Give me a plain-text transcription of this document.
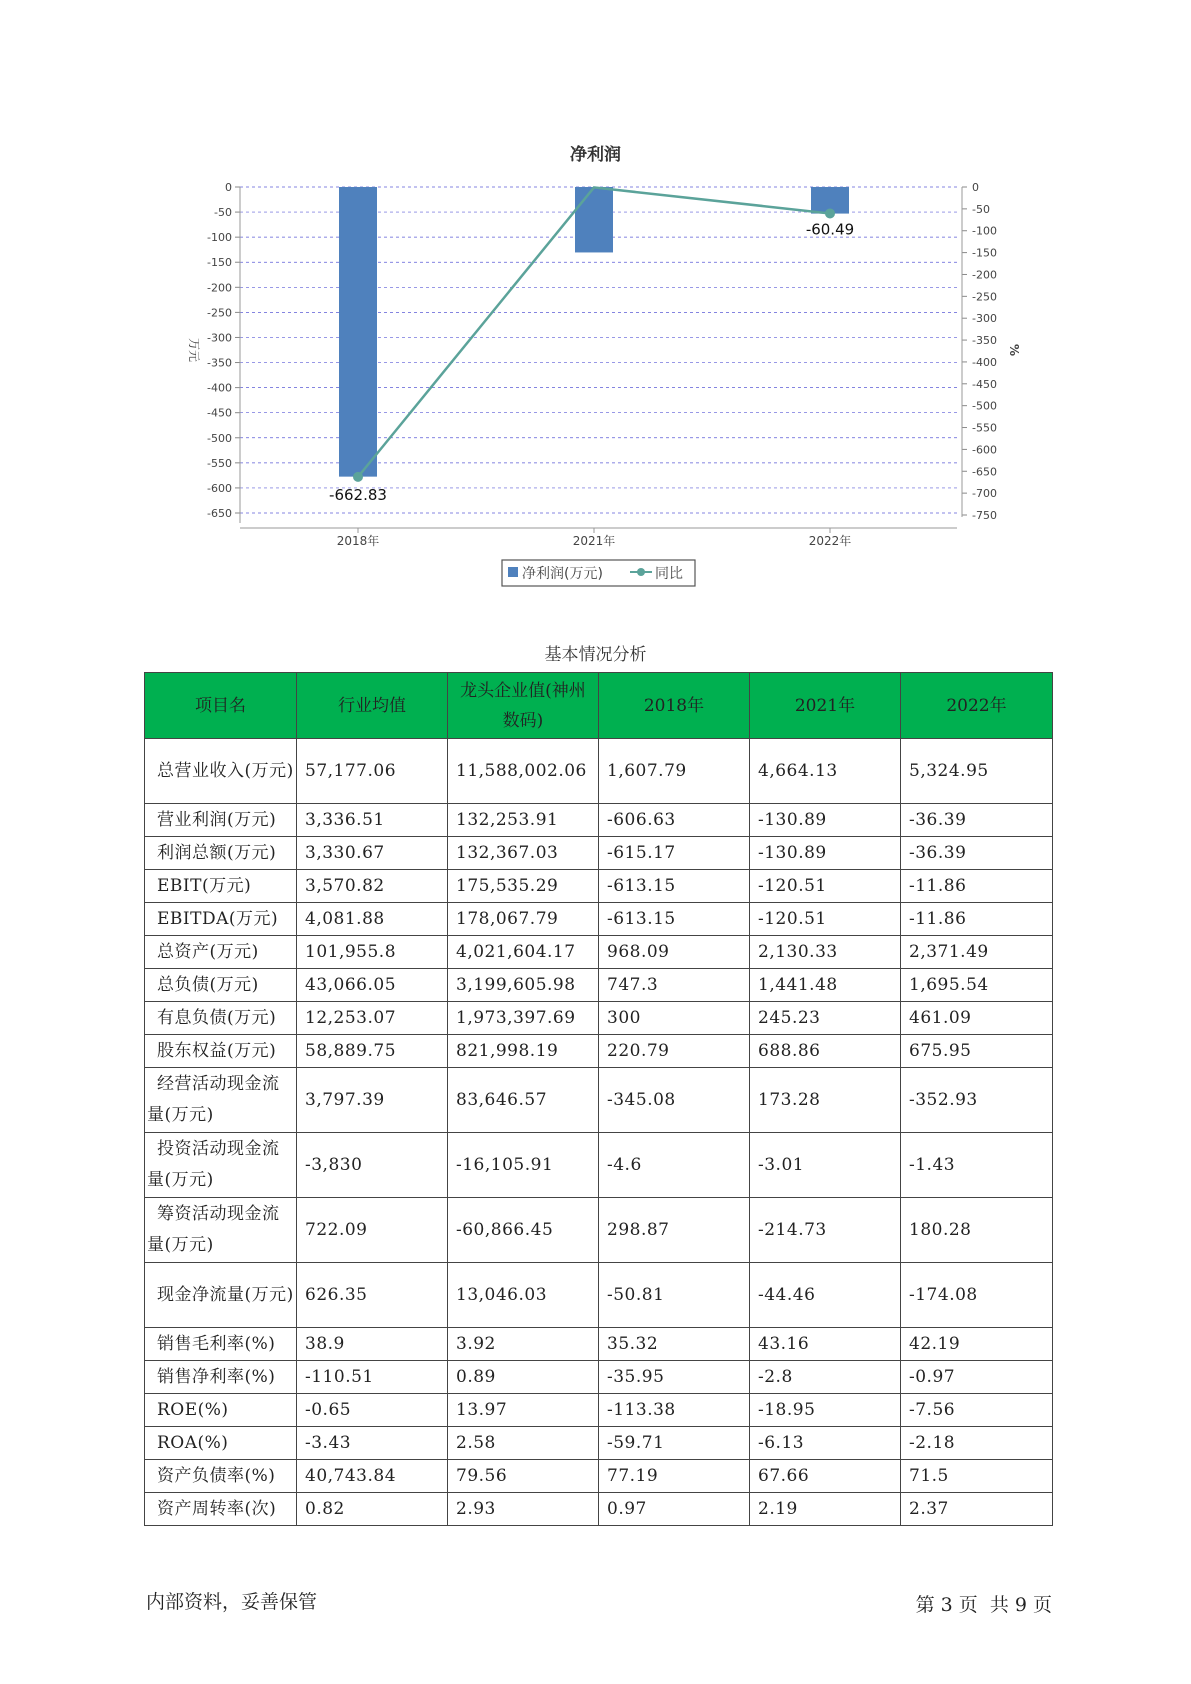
净利润
0
-50
-100
-150
-200
-250
-300
-350
-400
-450
-500
-550
-600
-650
0
-50
-100
-150
-200
-250
-300
-350
-400
-450
-500
-550
-600
-650
-700
-750
万元	%
2018年	2021年	2022年
-662.83
-60.49
净利润(万元)	同比
基本情况分析
项目名	行业均值	龙头企业值(神州数码)	2018年	2021年	2022年
总营业收入(万元)	57,177.06	11,588,002.06	1,607.79	4,664.13	5,324.95
营业利润(万元)	3,336.51	132,253.91	-606.63	-130.89	-36.39
利润总额(万元)	3,330.67	132,367.03	-615.17	-130.89	-36.39
EBIT(万元)	3,570.82	175,535.29	-613.15	-120.51	-11.86
EBITDA(万元)	4,081.88	178,067.79	-613.15	-120.51	-11.86
总资产(万元)	101,955.8	4,021,604.17	968.09	2,130.33	2,371.49
总负债(万元)	43,066.05	3,199,605.98	747.3	1,441.48	1,695.54
有息负债(万元)	12,253.07	1,973,397.69	300	245.23	461.09
股东权益(万元)	58,889.75	821,998.19	220.79	688.86	675.95
经营活动现金流量(万元)	3,797.39	83,646.57	-345.08	173.28	-352.93
投资活动现金流量(万元)	-3,830	-16,105.91	-4.6	-3.01	-1.43
筹资活动现金流量(万元)	722.09	-60,866.45	298.87	-214.73	180.28
现金净流量(万元)	626.35	13,046.03	-50.81	-44.46	-174.08
销售毛利率(%)	38.9	3.92	35.32	43.16	42.19
销售净利率(%)	-110.51	0.89	-35.95	-2.8	-0.97
ROE(%)	-0.65	13.97	-113.38	-18.95	-7.56
ROA(%)	-3.43	2.58	-59.71	-6.13	-2.18
资产负债率(%)	40,743.84	79.56	77.19	67.66	71.5
资产周转率(次)	0.82	2.93	0.97	2.19	2.37
内部资料，妥善保管	第 3 页  共 9 页
